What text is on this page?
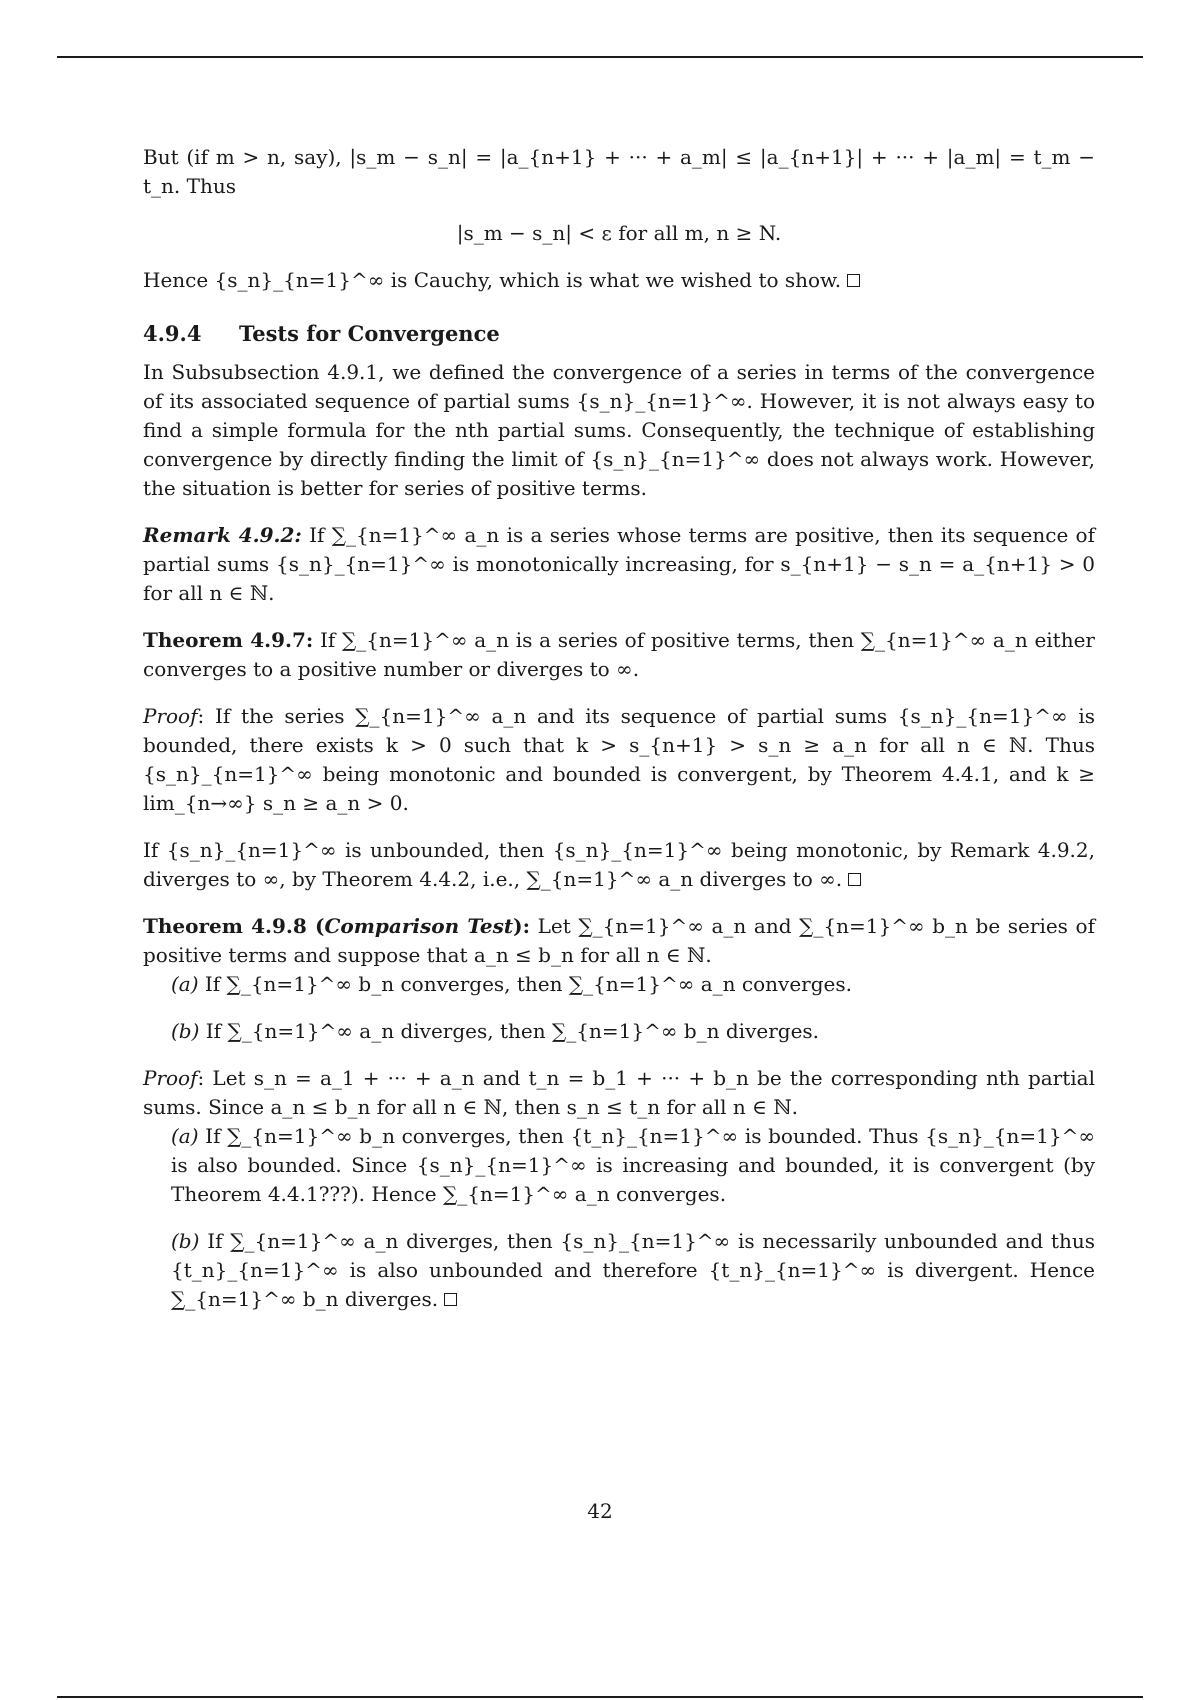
But (if m > n, say), |s_m − s_n| = |a_{n+1} + ··· + a_m| ≤ |a_{n+1}| + ··· + |a_m| = t_m − t_n. Thus

|s_m − s_n| < ε for all m, n ≥ N.

Hence {s_n}_{n=1}^∞ is Cauchy, which is what we wished to show.

4.9.4 Tests for Convergence

In Subsubsection 4.9.1, we defined the convergence of a series in terms of the convergence of its associated sequence of partial sums {s_n}_{n=1}^∞. However, it is not always easy to find a simple formula for the nth partial sums. Consequently, the technique of establishing convergence by directly finding the limit of {s_n}_{n=1}^∞ does not always work. However, the situation is better for series of positive terms.

Remark 4.9.2: If ∑_{n=1}^∞ a_n is a series whose terms are positive, then its sequence of partial sums {s_n}_{n=1}^∞ is monotonically increasing, for s_{n+1} − s_n = a_{n+1} > 0 for all n ∈ ℕ.

Theorem 4.9.7: If ∑_{n=1}^∞ a_n is a series of positive terms, then ∑_{n=1}^∞ a_n either converges to a positive number or diverges to ∞.

Proof: If the series ∑_{n=1}^∞ a_n and its sequence of partial sums {s_n}_{n=1}^∞ is bounded, there exists k > 0 such that k > s_{n+1} > s_n ≥ a_n for all n ∈ ℕ. Thus {s_n}_{n=1}^∞ being monotonic and bounded is convergent, by Theorem 4.4.1, and k ≥ lim_{n→∞} s_n ≥ a_n > 0.

If {s_n}_{n=1}^∞ is unbounded, then {s_n}_{n=1}^∞ being monotonic, by Remark 4.9.2, diverges to ∞, by Theorem 4.4.2, i.e., ∑_{n=1}^∞ a_n diverges to ∞.

Theorem 4.9.8 (Comparison Test): Let ∑_{n=1}^∞ a_n and ∑_{n=1}^∞ b_n be series of positive terms and suppose that a_n ≤ b_n for all n ∈ ℕ.

(a) If ∑_{n=1}^∞ b_n converges, then ∑_{n=1}^∞ a_n converges.

(b) If ∑_{n=1}^∞ a_n diverges, then ∑_{n=1}^∞ b_n diverges.

Proof: Let s_n = a_1 + ··· + a_n and t_n = b_1 + ··· + b_n be the corresponding nth partial sums. Since a_n ≤ b_n for all n ∈ ℕ, then s_n ≤ t_n for all n ∈ ℕ.

(a) If ∑_{n=1}^∞ b_n converges, then {t_n}_{n=1}^∞ is bounded. Thus {s_n}_{n=1}^∞ is also bounded. Since {s_n}_{n=1}^∞ is increasing and bounded, it is convergent (by Theorem 4.4.1???). Hence ∑_{n=1}^∞ a_n converges.

(b) If ∑_{n=1}^∞ a_n diverges, then {s_n}_{n=1}^∞ is necessarily unbounded and thus {t_n}_{n=1}^∞ is also unbounded and therefore {t_n}_{n=1}^∞ is divergent. Hence ∑_{n=1}^∞ b_n diverges.

42
